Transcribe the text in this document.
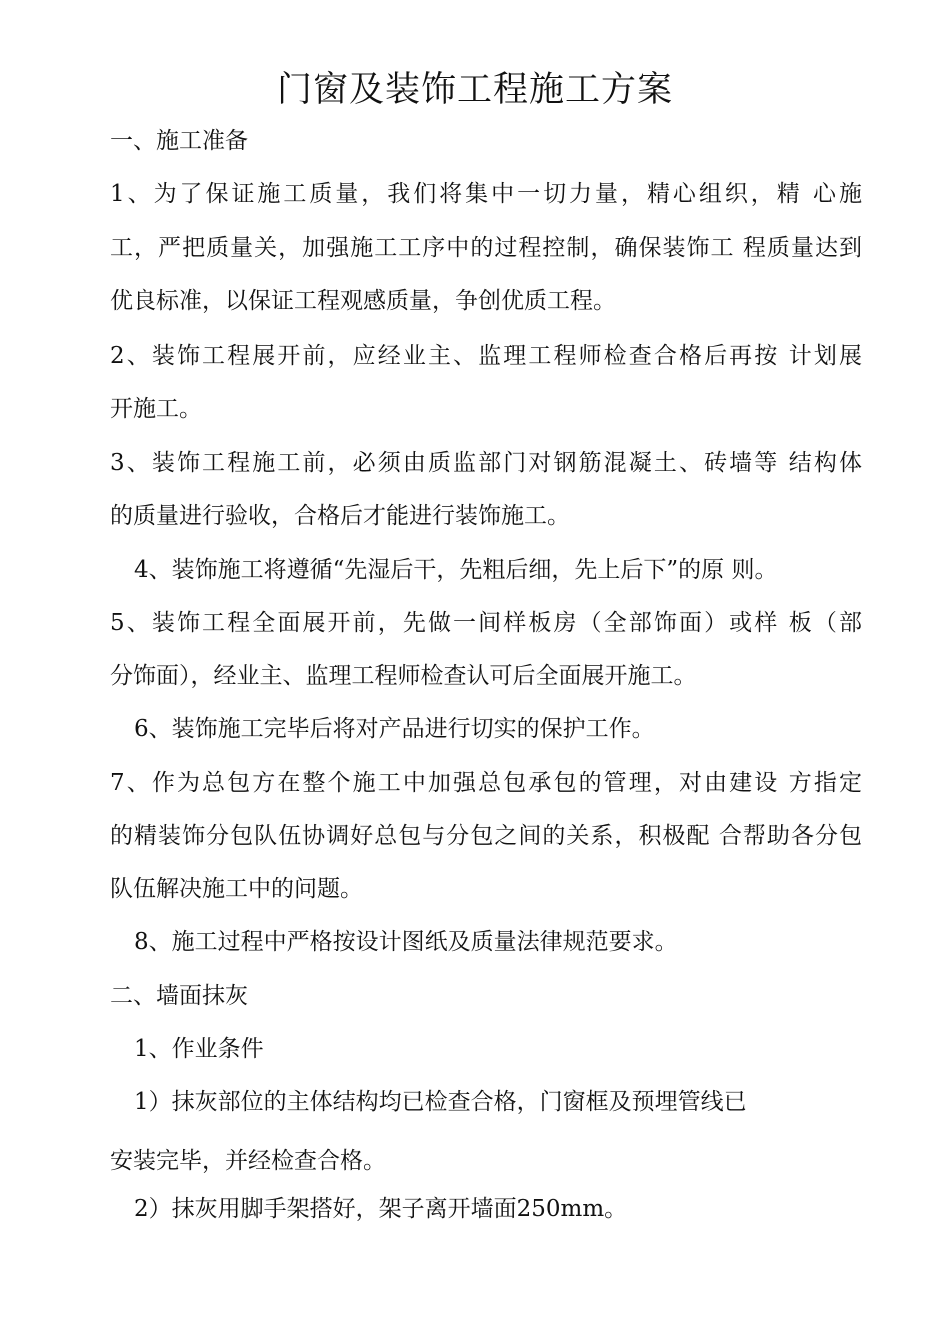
门窗及装饰工程施工方案
一、施工准备
1、为了保证施工质量，我们将集中一切力量，精心组织，精 心施
工，严把质量关，加强施工工序中的过程控制，确保装饰工 程质量达到
优良标准，以保证工程观感质量，争创优质工程。
2、装饰工程展开前，应经业主、监理工程师检查合格后再按 计划展
开施工。
3、装饰工程施工前，必须由质监部门对钢筋混凝土、砖墙等 结构体
的质量进行验收，合格后才能进行装饰施工。
4、装饰施工将遵循“先湿后干，先粗后细，先上后下”的原 则。
5、装饰工程全面展开前，先做一间样板房（全部饰面）或样 板（部
分饰面），经业主、监理工程师检查认可后全面展开施工。
6、装饰施工完毕后将对产品进行切实的保护工作。
7、作为总包方在整个施工中加强总包承包的管理，对由建设 方指定
的精装饰分包队伍协调好总包与分包之间的关系，积极配 合帮助各分包
队伍解决施工中的问题。
8、施工过程中严格按设计图纸及质量法律规范要求。
二、墙面抹灰
1、作业条件
1）抹灰部位的主体结构均已检查合格，门窗框及预埋管线已
安装完毕，并经检查合格。
2）抹灰用脚手架搭好，架子离开墙面250mm。
